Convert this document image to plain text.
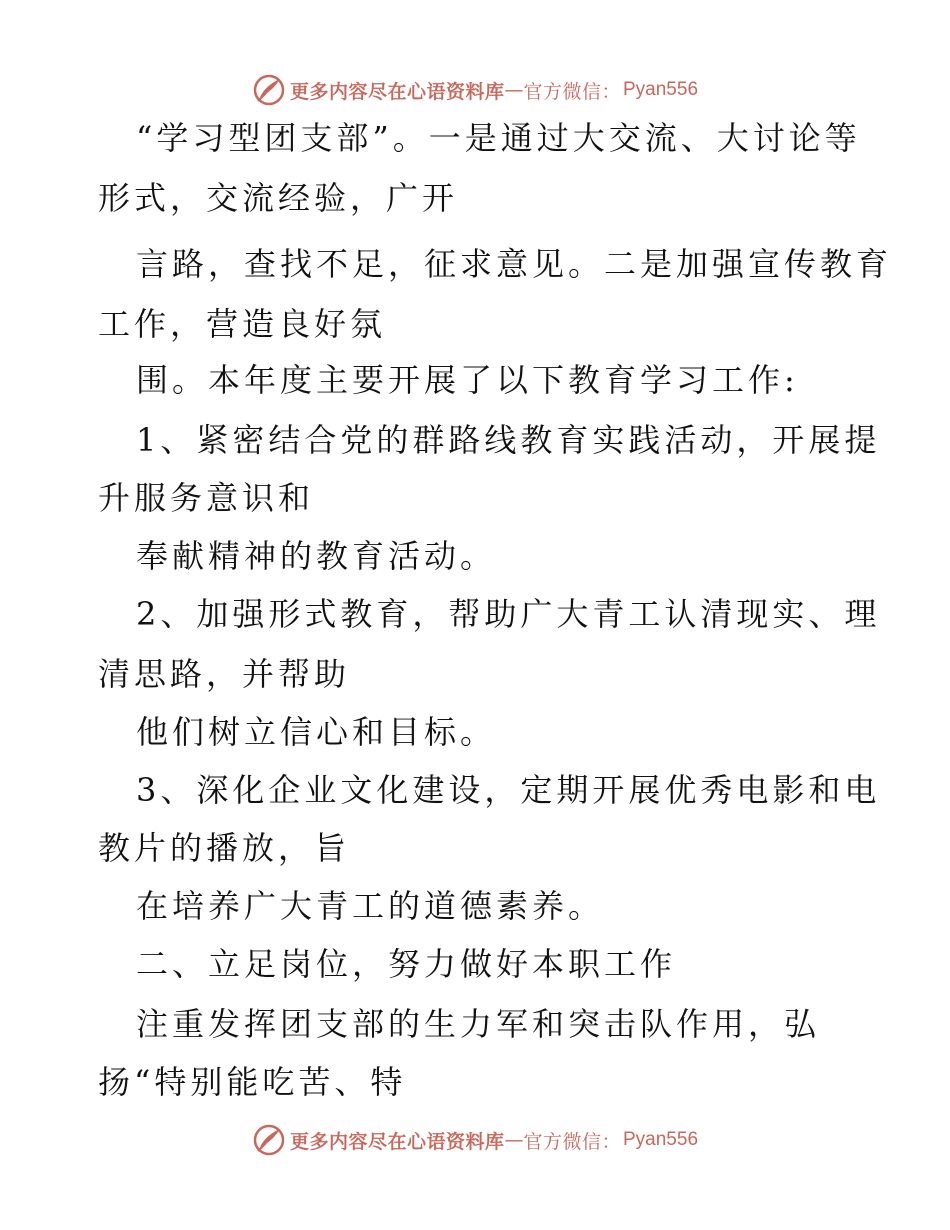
更多内容尽在心语资料库 — 官方微信： Pyan556
“学习型团支部”。一是通过大交流、大讨论等
形式，交流经验，广开
言路，查找不足，征求意见。二是加强宣传教育
工作，营造良好氛
围。本年度主要开展了以下教育学习工作:
1、紧密结合党的群路线教育实践活动，开展提
升服务意识和
奉献精神的教育活动。
2、加强形式教育，帮助广大青工认清现实、理
清思路，并帮助
他们树立信心和目标。
3、深化企业文化建设，定期开展优秀电影和电
教片的播放，旨
在培养广大青工的道德素养。
二、立足岗位，努力做好本职工作
注重发挥团支部的生力军和突击队作用，弘
扬“特别能吃苦、特
更多内容尽在心语资料库 — 官方微信： Pyan556
